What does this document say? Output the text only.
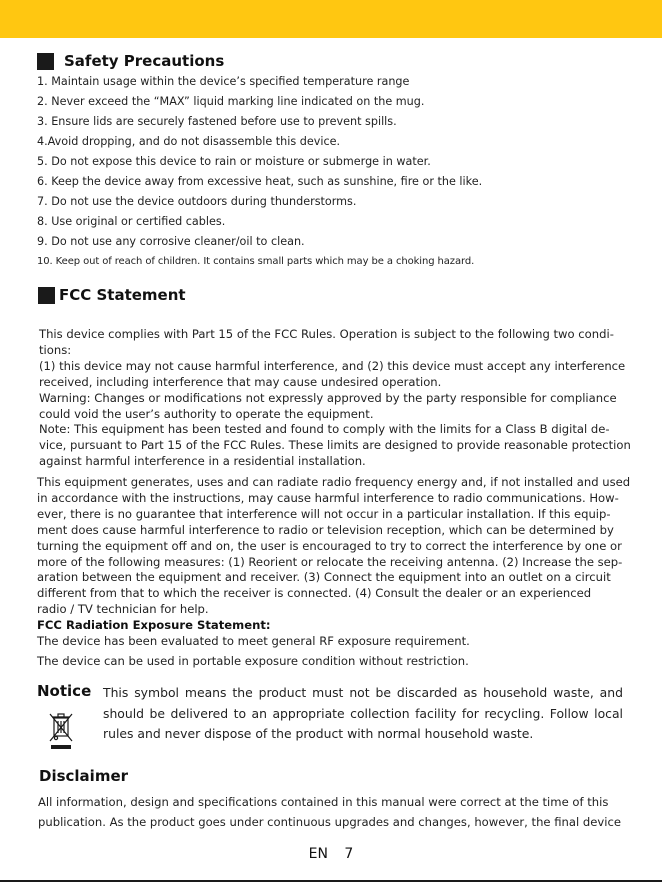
Safety Precautions
1. Maintain usage within the device’s specified temperature range
2. Never exceed the “MAX” liquid marking line indicated on the mug.
3. Ensure lids are securely fastened before use to prevent spills.
4.Avoid dropping, and do not disassemble this device.
5. Do not expose this device to rain or moisture or submerge in water.
6. Keep the device away from excessive heat, such as sunshine, fire or the like.
7. Do not use the device outdoors during thunderstorms.
8. Use original or certified cables.
9. Do not use any corrosive cleaner/oil to clean.
10. Keep out of reach of children. It contains small parts which may be a choking hazard.
FCC Statement
This device complies with Part 15 of the FCC Rules. Operation is subject to the following two condi-
tions:
(1) this device may not cause harmful interference, and (2) this device must accept any interference
received, including interference that may cause undesired operation.
Warning: Changes or modifications not expressly approved by the party responsible for compliance
could void the user’s authority to operate the equipment.
Note: This equipment has been tested and found to comply with the limits for a Class B digital de-
vice, pursuant to Part 15 of the FCC Rules. These limits are designed to provide reasonable protection
against harmful interference in a residential installation.
This equipment generates, uses and can radiate radio frequency energy and, if not installed and used
in accordance with the instructions, may cause harmful interference to radio communications. How-
ever, there is no guarantee that interference will not occur in a particular installation. If this equip-
ment does cause harmful interference to radio or television reception, which can be determined by
turning the equipment off and on, the user is encouraged to try to correct the interference by one or
more of the following measures: (1) Reorient or relocate the receiving antenna. (2) Increase the sep-
aration between the equipment and receiver. (3) Connect the equipment into an outlet on a circuit
different from that to which the receiver is connected. (4) Consult the dealer or an experienced
radio / TV technician for help.
FCC Radiation Exposure Statement:
The device has been evaluated to meet general RF exposure requirement.
The device can be used in portable exposure condition without restriction.
Notice This symbol means the product must not be discarded as household waste, and should be delivered to an appropriate collection facility for recycling. Follow local rules and never dispose of the product with normal household waste.
Disclaimer
All information, design and specifications contained in this manual were correct at the time of this
publication. As the product goes under continuous upgrades and changes, however, the final device
EN 7
